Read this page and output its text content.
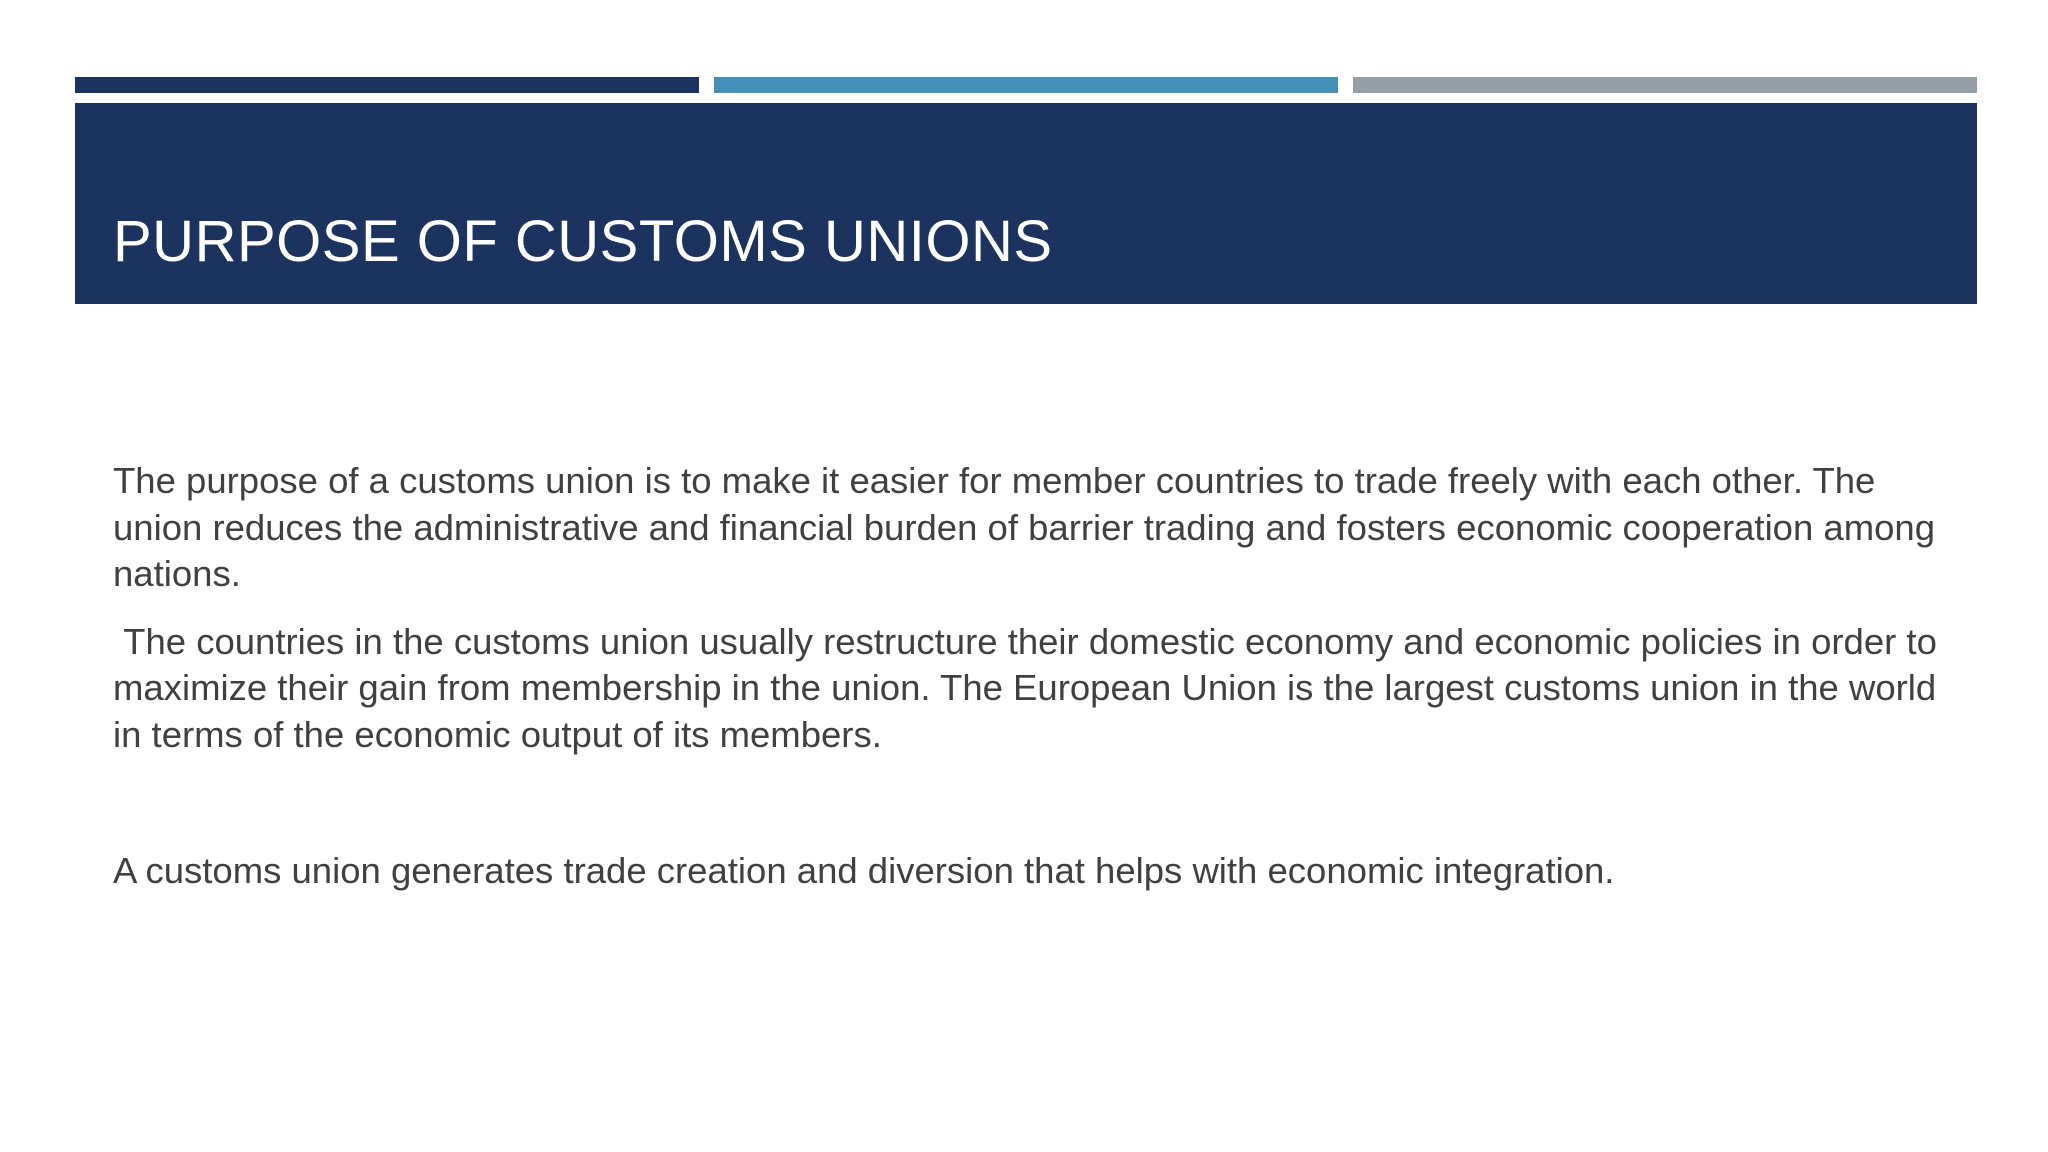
PURPOSE OF CUSTOMS UNIONS

The purpose of a customs union is to make it easier for member countries to trade freely with each other. The union reduces the administrative and financial burden of barrier trading and fosters economic cooperation among nations.

The countries in the customs union usually restructure their domestic economy and economic policies in order to maximize their gain from membership in the union. The European Union is the largest customs union in the world in terms of the economic output of its members.

A customs union generates trade creation and diversion that helps with economic integration.
